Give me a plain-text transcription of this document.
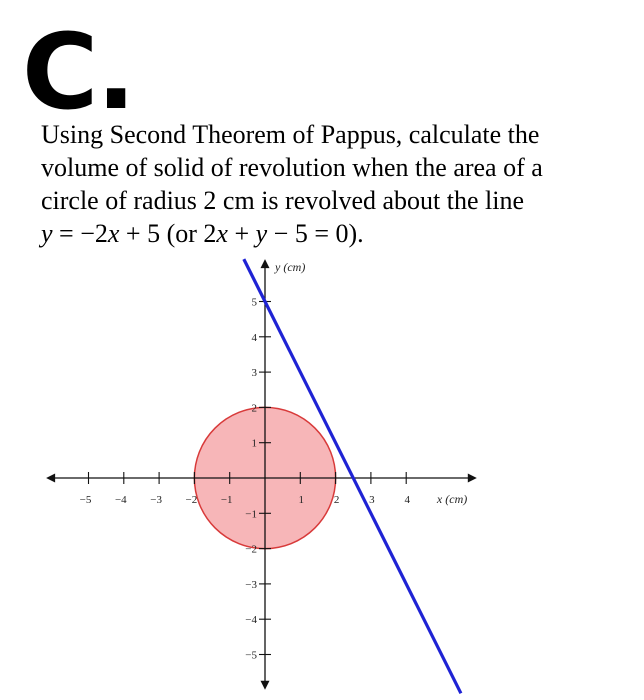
C.

Using Second Theorem of Pappus, calculate the

volume of solid of revolution when the area of a

circle of radius 2 cm is revolved about the line

y = −2x + 5 (or 2x + y − 5 = 0).

−5 −4 −3 −2 −1	1	2	3	4
5
4
3
2
1
−1
−2
−3
−4
−5
x (cm)
y (cm)
